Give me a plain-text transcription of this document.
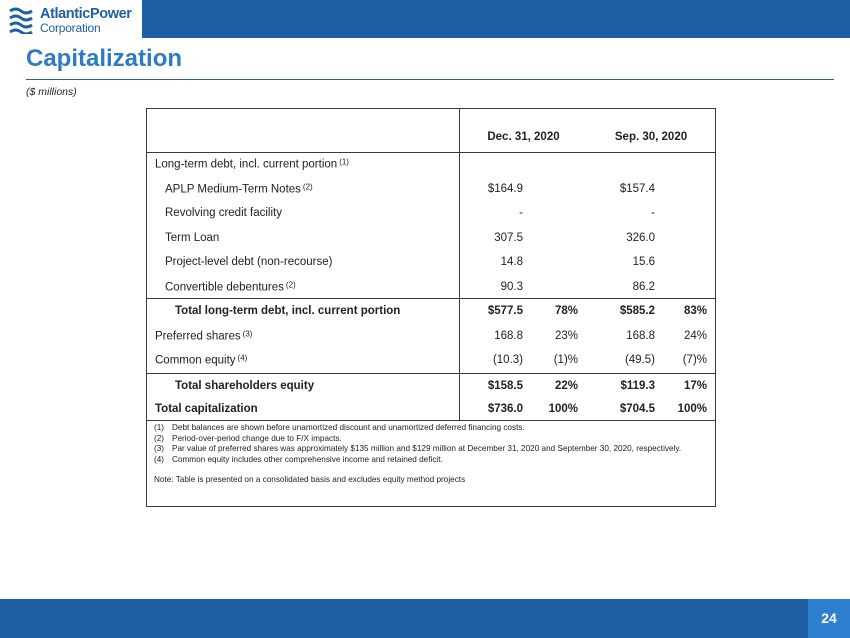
AtlanticPower
Corporation
Capitalization
($ millions)
Dec. 31, 2020	Sep. 30, 2020
Long-term debt, incl. current portion $^{(1)}$
APLP Medium-Term Notes $^{(2)}$	$164.9	$157.4
Revolving credit facility	-	-
Term Loan	307.5	326.0
Project-level debt (non-recourse)	14.8	15.6
Convertible debentures $^{(2)}$	90.3	86.2
Total long-term debt, incl. current portion	$577.5	78%	$585.2	83%
Preferred shares $^{(3)}$	168.8	23%	168.8	24%
Common equity $^{(4)}$	(10.3)	(1)%	(49.5) (7)%
Total shareholders equity	$158.5	22%	$119.3	17%
Total capitalization	$736.0 100%	$704.5 100%
(1) Debt balances are shown before unamortized discount and unamortized deferred financing costs.
(2) Period-over-period change due to F/X impacts.
(3) Par value of preferred shares was approximately $135 million and $129 million at December 31, 2020 and September 30, 2020, respectively.
(4) Common equity includes other comprehensive income and retained deficit.
Note: Table is presented on a consolidated basis and excludes equity method projects
24
